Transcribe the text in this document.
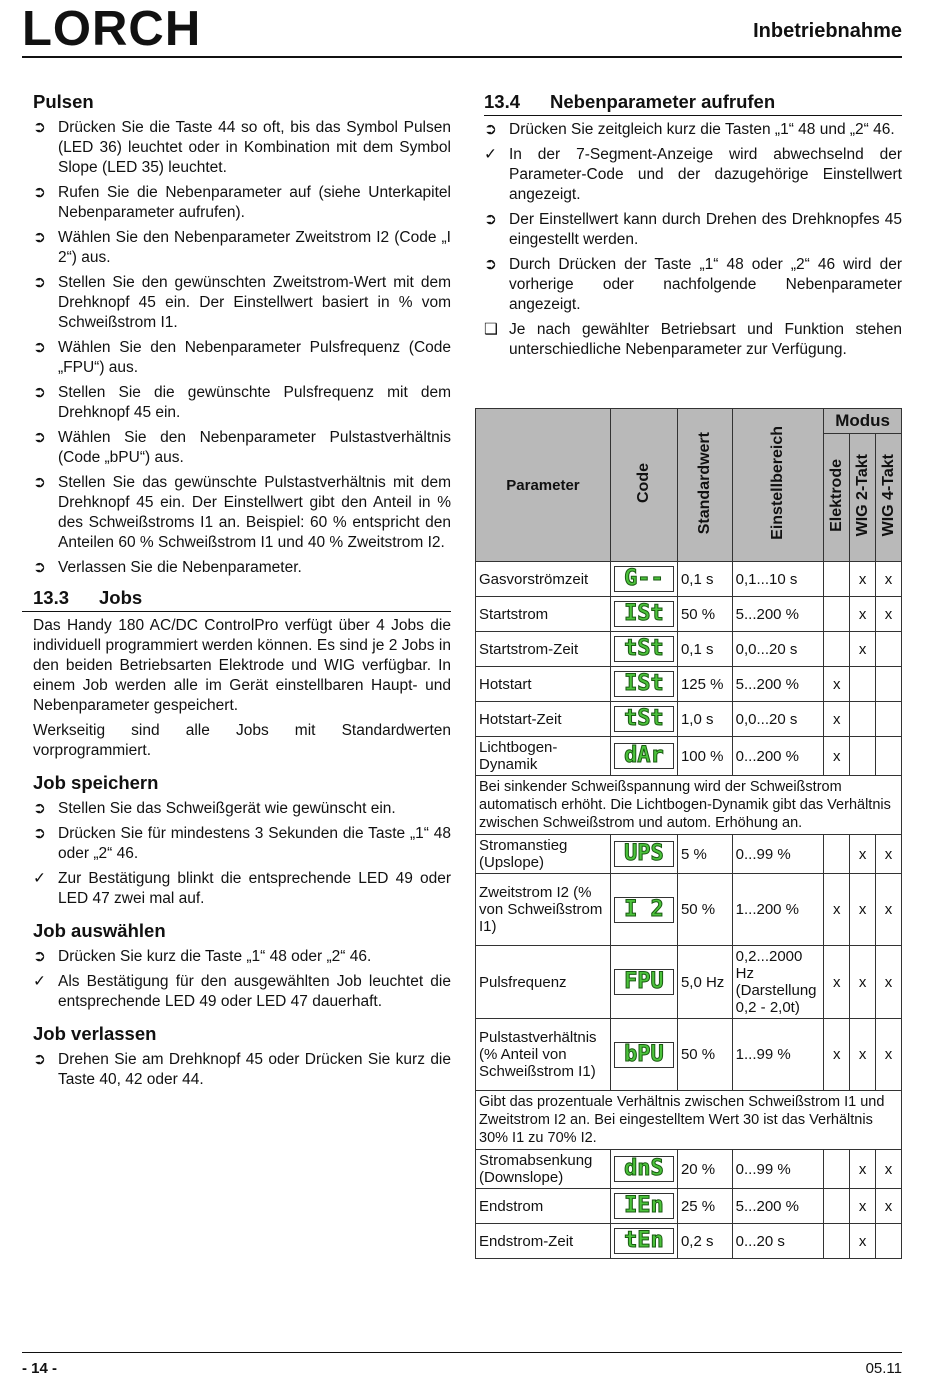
LORCH	Inbetriebnahme
Pulsen
➲ Drücken Sie die Taste 44 so oft, bis das Symbol Pulsen (LED 36) leuchtet oder in Kombination mit dem Symbol Slope (LED 35) leuchtet.
➲ Rufen Sie die Nebenparameter auf (siehe Unterkapitel Nebenparameter aufrufen).
➲ Wählen Sie den Nebenparameter Zweitstrom I2 (Code „I 2“) aus.
➲ Stellen Sie den gewünschten Zweitstrom-Wert mit dem Drehknopf 45 ein. Der Einstellwert basiert in % vom Schweißstrom I1.
➲ Wählen Sie den Nebenparameter Pulsfrequenz (Code „FPU“) aus.
➲ Stellen Sie die gewünschte Pulsfrequenz mit dem Drehknopf 45 ein.
➲ Wählen Sie den Nebenparameter Pulstastverhältnis (Code „bPU“) aus.
➲ Stellen Sie das gewünschte Pulstastverhältnis mit dem Drehknopf 45 ein. Der Einstellwert gibt den Anteil in % des Schweißstroms I1 an. Beispiel: 60 % entspricht den Anteilen 60 % Schweißstrom I1 und 40 % Zweitstrom I2.
➲ Verlassen Sie die Nebenparameter.
13.3 Jobs

Das Handy 180 AC/DC ControlPro verfügt über 4 Jobs die individuell programmiert werden können. Es sind je 2 Jobs in den beiden Betriebsarten Elektrode und WIG verfügbar. In einem Job werden alle im Gerät einstellbaren Haupt- und Nebenparameter gespeichert.

Werkseitig sind alle Jobs mit Standardwerten vorprogrammiert.

Job speichern
➲ Stellen Sie das Schweißgerät wie gewünscht ein.
➲ Drücken Sie für mindestens 3 Sekunden die Taste „1“ 48 oder „2“ 46.
✓ Zur Bestätigung blinkt die entsprechende LED 49 oder LED 47 zwei mal auf.
Job auswählen
➲ Drücken Sie kurz die Taste „1“ 48 oder „2“ 46.
✓ Als Bestätigung für den ausgewählten Job leuchtet die entsprechende LED 49 oder LED 47 dauerhaft.
Job verlassen
➲ Drehen Sie am Drehknopf 45 oder Drücken Sie kurz die Taste 40, 42 oder 44.
13.4 Nebenparameter aufrufen
➲ Drücken Sie zeitgleich kurz die Tasten „1“ 48 und „2“ 46.
✓ In der 7-Segment-Anzeige wird abwechselnd der Parameter-Code und der dazugehörige Einstellwert angezeigt.
➲ Der Einstellwert kann durch Drehen des Drehknopfes 45 eingestellt werden.
➲ Durch Drücken der Taste „1“ 48 oder „2“ 46 wird der vorherige oder nachfolgende Nebenparameter angezeigt.
❑ Je nach gewählter Betriebsart und Funktion stehen unterschiedliche Nebenparameter zur Verfügung.
Parameter	Code	Standardwert	Einstellbereich	Modus		
				Elektrode	WIG 2-Takt	WIG 4-Takt
Gasvorströmzeit	G--	0,1 s	0,1...10 s		x	x
Startstrom	ISt	50 %	5...200 %		x	x
Startstrom-Zeit	tSt	0,1 s	0,0...20 s		x	
Hotstart	ISt	125 %	5...200 %	x		
Hotstart-Zeit	tSt	1,0 s	0,0...20 s	x		
Lichtbogen-Dynamik	dAr	100 %	0...200 %	x		
Bei sinkender Schweißspannung wird der Schweißstrom automatisch erhöht. Die Lichtbogen-Dynamik gibt das Verhältnis zwischen Schweißstrom und autom. Erhöhung an.						
Stromanstieg (Upslope)	UPS	5 %	0...99 %		x	x
Zweitstrom I2 (% von Schweißstrom I1)	I 2	50 %	1...200 %	x	x	x
Pulsfrequenz	FPU	5,0 Hz	0,2...2000 Hz (Darstellung 0,2 - 2,0t)	x	x	x
Pulstastverhältnis (% Anteil von Schweißstrom I1)	bPU	50 %	1...99 %	x	x	x
Gibt das prozentuale Verhältnis zwischen Schweißstrom I1 und Zweitstrom I2 an. Bei eingestelltem Wert 30 ist das Verhältnis 30% I1 zu 70% I2.						
Stromabsenkung (Downslope)	dnS	20 %	0...99 %		x	x
Endstrom	IEn	25 %	5...200 %		x	x
Endstrom-Zeit	tEn	0,2 s	0...20 s		x	
- 14 -	05.11
